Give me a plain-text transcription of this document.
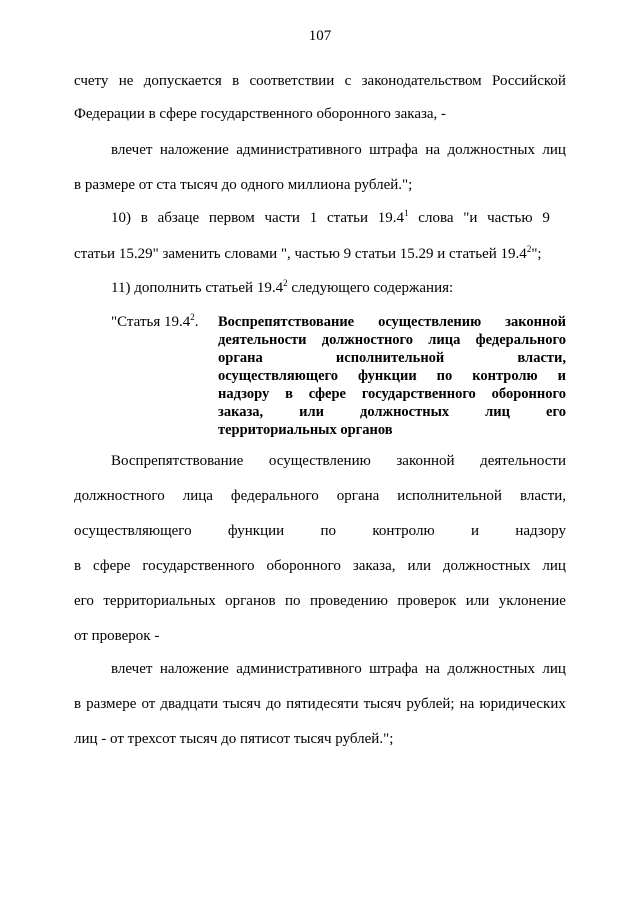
107
счету не допускается в соответствии с законодательством Российской
Федерации в сфере государственного оборонного заказа, -
влечет наложение административного штрафа на должностных лиц
в размере от ста тысяч до одного миллиона рублей.";
10) в абзаце первом части 1 статьи 19.4$^1$ слова "и частью 9
статьи 15.29" заменить словами ", частью 9 статьи 15.29 и статьей 19.4$^2$";
11) дополнить статьей 19.4$^2$ следующего содержания:
"Статья 19.4$^2$. Воспрепятствование осуществлению законной
деятельности должностного лица федерального
органа	исполнительной	власти,
осуществляющего функции по контролю и
надзору в сфере государственного оборонного
заказа, или должностных лиц его
территориальных органов
Воспрепятствование осуществлению законной деятельности
должностного лица федерального органа исполнительной власти,
осуществляющего функции по контролю и надзору
в сфере государственного оборонного заказа, или должностных лиц
его территориальных органов по проведению проверок или уклонение
от проверок -
влечет наложение административного штрафа на должностных лиц
в размере от двадцати тысяч до пятидесяти тысяч рублей; на юридических
лиц - от трехсот тысяч до пятисот тысяч рублей.";
